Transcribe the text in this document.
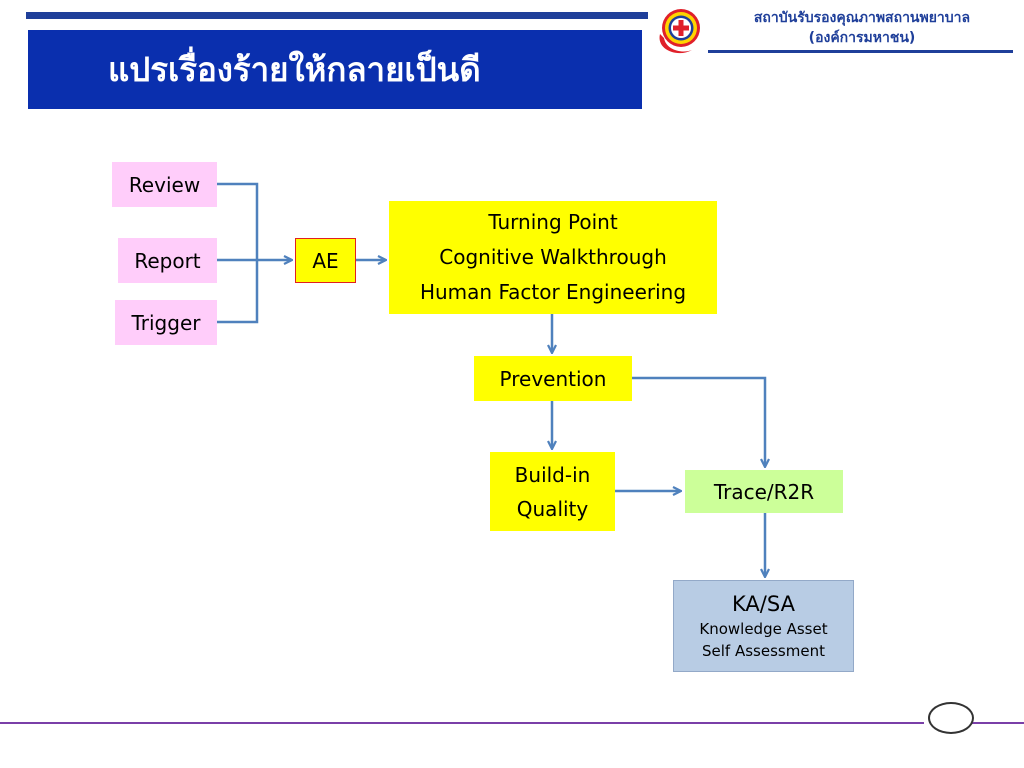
แปรเรื่องร้ายให้กลายเป็นดี
สถาบันรับรองคุณภาพสถานพยาบาล
(องค์การมหาชน)
Review
Report
Trigger
AE
Turning Point
Cognitive Walkthrough
Human Factor Engineering
Prevention
Build-in
Quality
Trace/R2R
KA/SA
Knowledge Asset
Self Assessment
